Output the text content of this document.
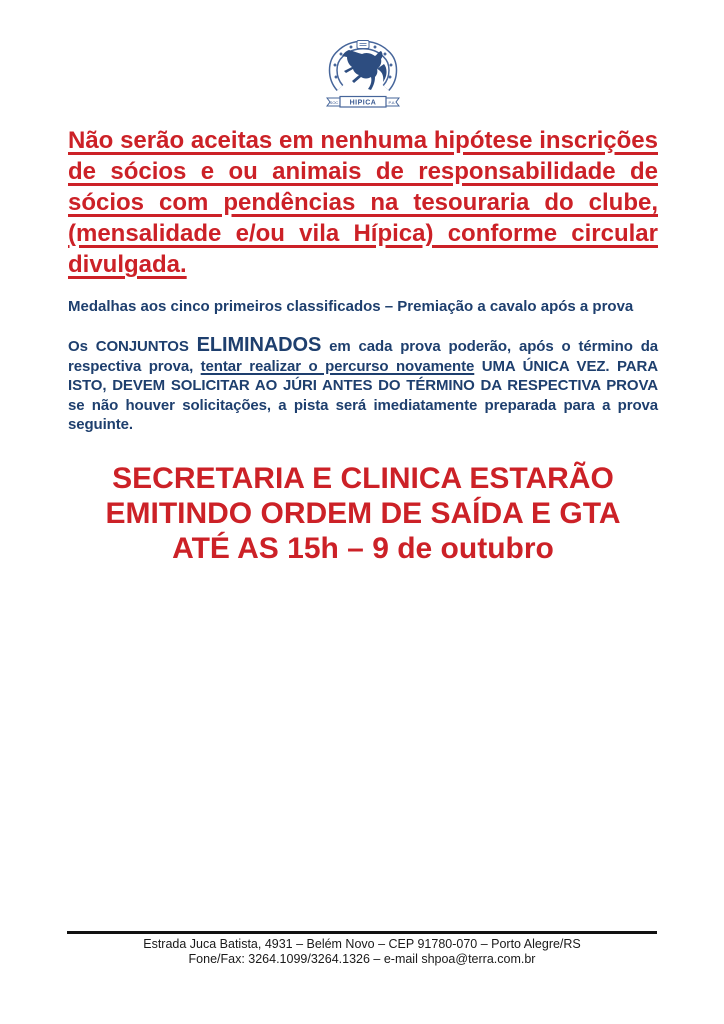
SOC HIPICA	P.A.

Não serão aceitas em nenhuma hipótese inscrições de sócios e ou animais de responsabilidade de sócios com pendências na tesouraria do clube, (mensalidade e/ou vila Hípica) conforme circular divulgada.

Medalhas aos cinco primeiros classificados – Premiação a cavalo após a prova

Os CONJUNTOS ELIMINADOS em cada prova poderão, após o término da respectiva prova, tentar realizar o percurso novamente UMA ÚNICA VEZ. PARA ISTO, DEVEM SOLICITAR AO JÚRI ANTES DO TÉRMINO DA RESPECTIVA PROVA se não houver solicitações, a pista será imediatamente preparada para a prova seguinte.

SECRETARIA E CLINICA ESTARÃO
EMITINDO ORDEM DE SAÍDA E GTA
ATÉ AS 15h – 9 de outubro
Estrada Juca Batista, 4931 – Belém Novo – CEP 91780-070 – Porto Alegre/RS
Fone/Fax: 3264.1099/3264.1326 – e-mail shpoa@terra.com.br
